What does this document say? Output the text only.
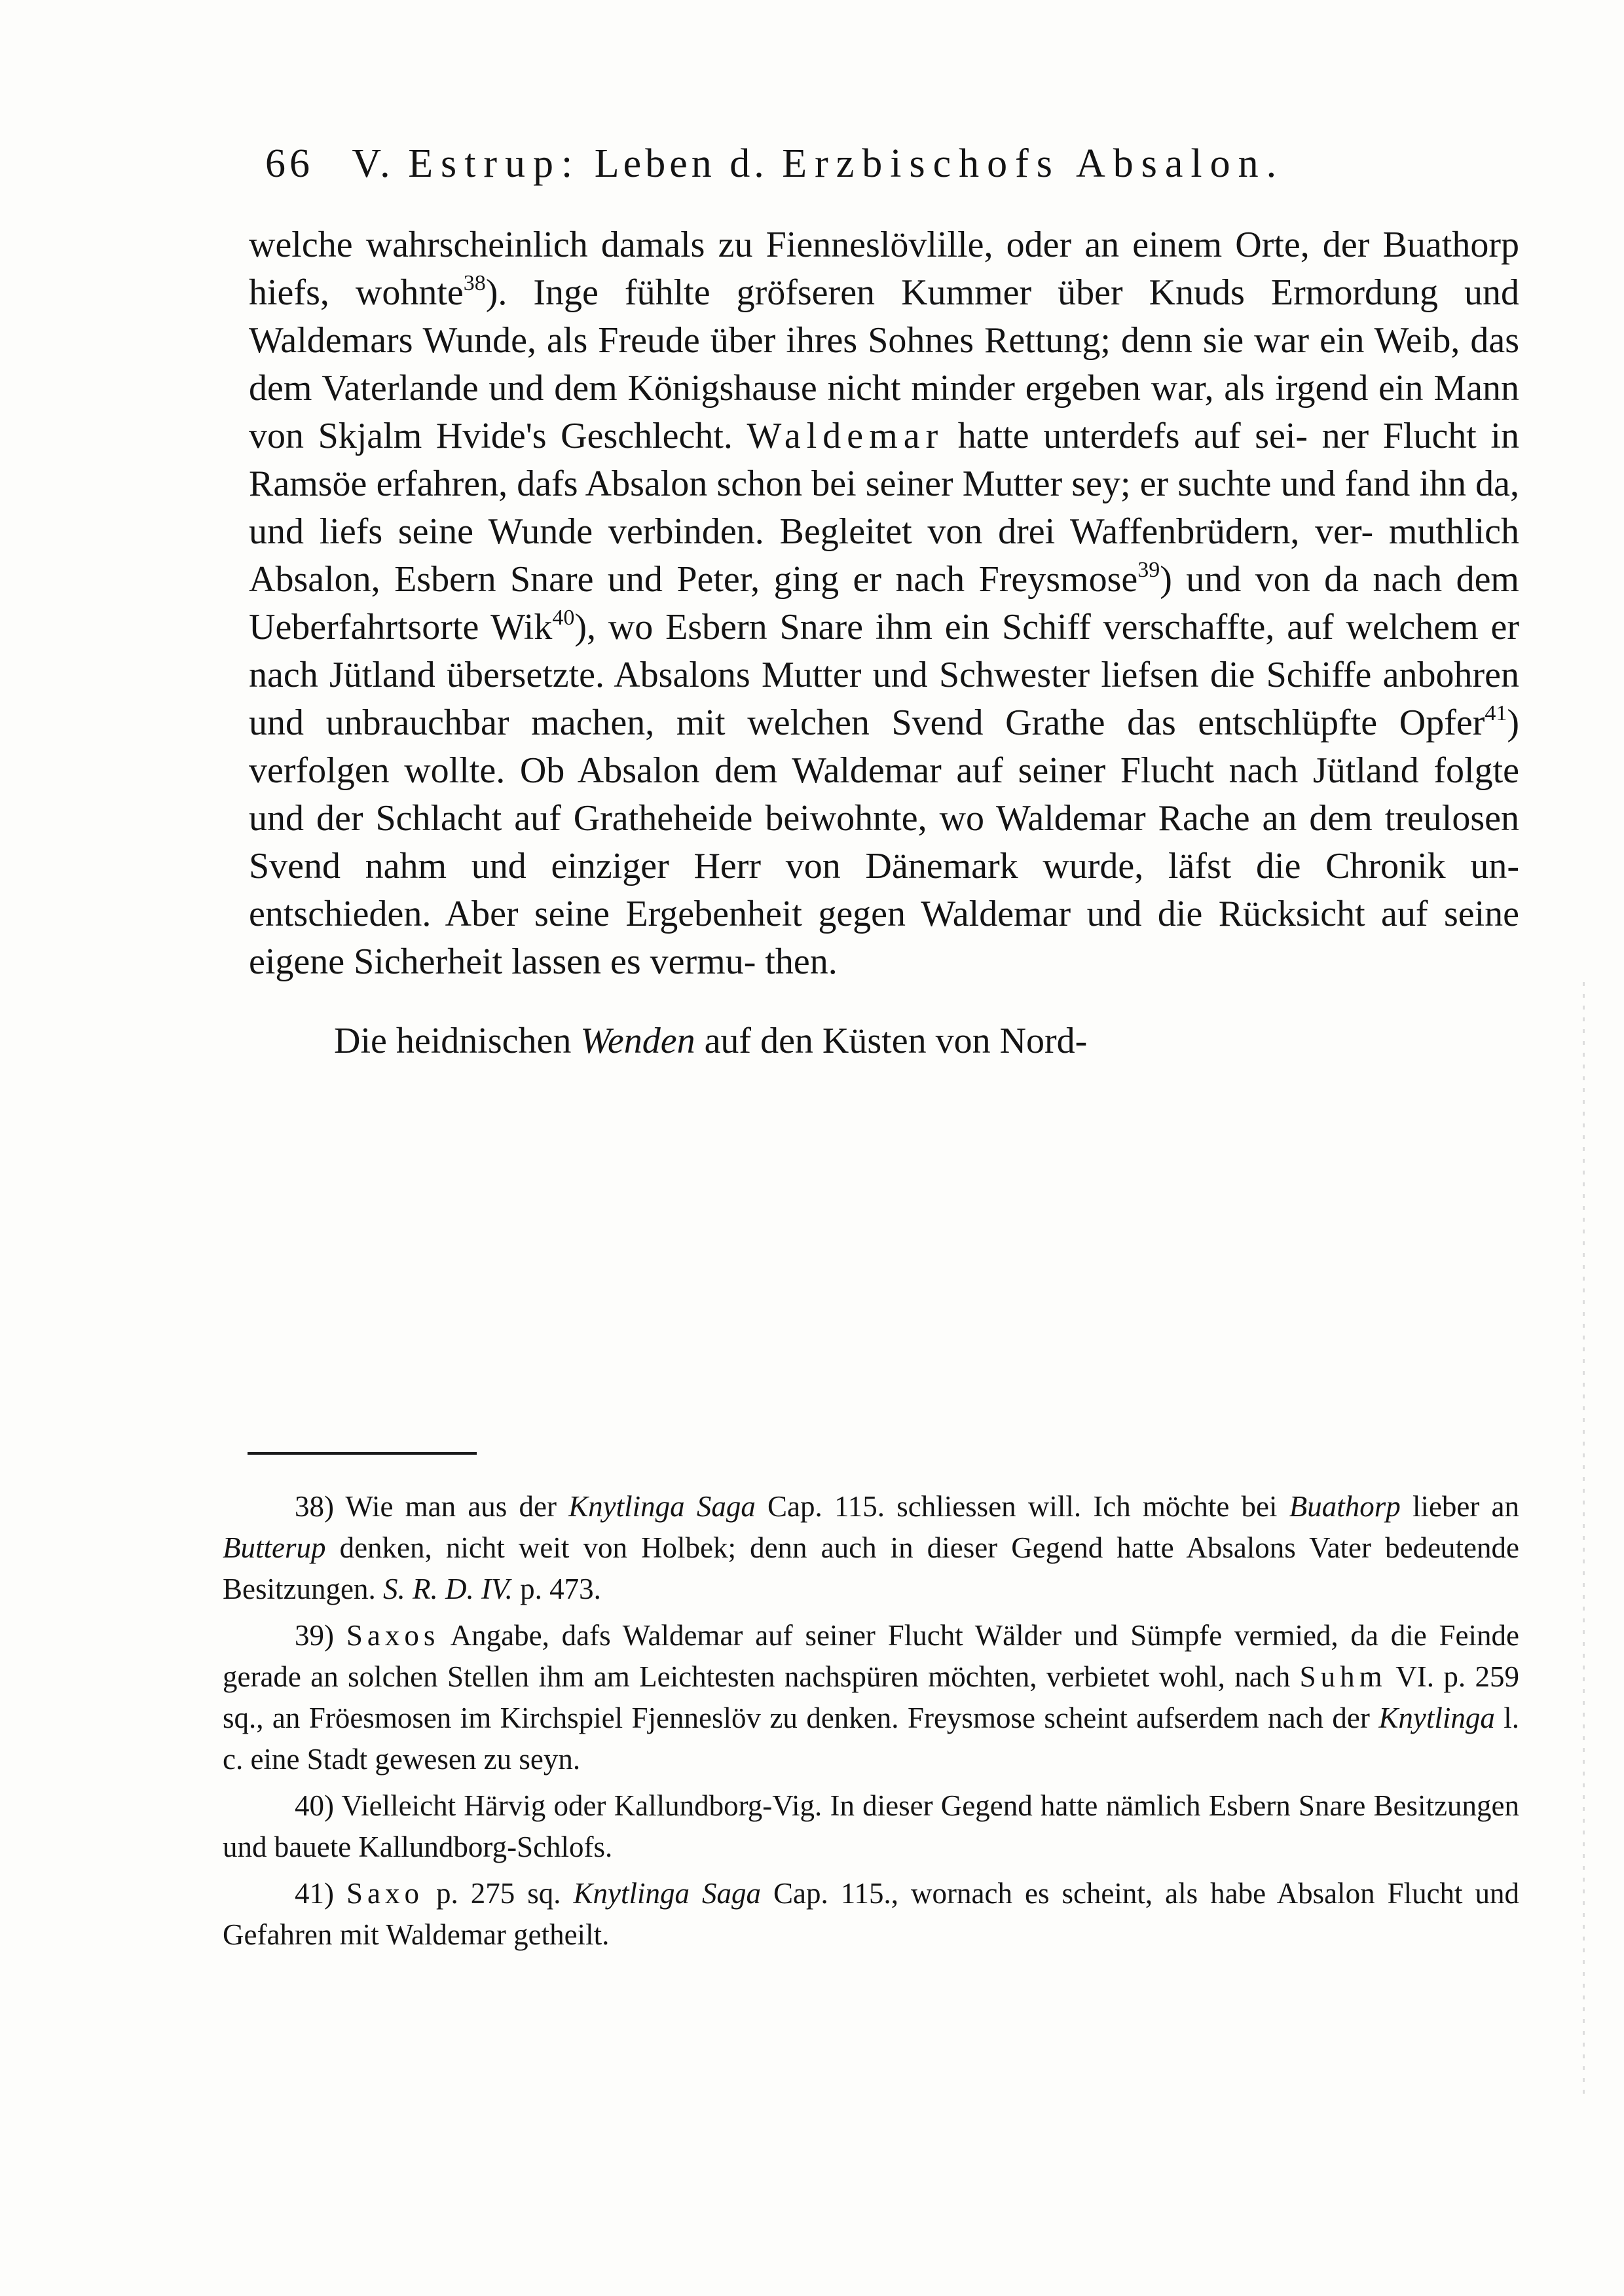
66 V. Estrup: Leben d. Erzbischofs Absalon.

welche wahrscheinlich damals zu Fienneslövlille, oder an einem Orte, der Buathorp hiefs, wohnte$^{38}$). Inge fühlte gröfseren Kummer über Knuds Ermordung und Waldemars Wunde, als Freude über ihres Sohnes Rettung; denn sie war ein Weib, das dem Vaterlande und dem Königshause nicht minder ergeben war, als irgend ein Mann von Skjalm Hvide's Geschlecht. Waldemar hatte unterdefs auf sei- ner Flucht in Ramsöe erfahren, dafs Absalon schon bei seiner Mutter sey; er suchte und fand ihn da, und liefs seine Wunde verbinden. Begleitet von drei Waffenbrüdern, ver- muthlich Absalon, Esbern Snare und Peter, ging er nach Freysmose$^{39}$) und von da nach dem Ueberfahrtsorte Wik$^{40}$), wo Esbern Snare ihm ein Schiff verschaffte, auf welchem er nach Jütland übersetzte. Absalons Mutter und Schwester liefsen die Schiffe anbohren und unbrauchbar machen, mit welchen Svend Grathe das entschlüpfte Opfer$^{41}$) verfolgen wollte. Ob Absalon dem Waldemar auf seiner Flucht nach Jütland folgte und der Schlacht auf Gratheheide beiwohnte, wo Waldemar Rache an dem treulosen Svend nahm und einziger Herr von Dänemark wurde, läfst die Chronik un- entschieden. Aber seine Ergebenheit gegen Waldemar und die Rücksicht auf seine eigene Sicherheit lassen es vermu- then.

Die heidnischen Wenden auf den Küsten von Nord-

38) Wie man aus der Knytlinga Saga Cap. 115. schliessen will. Ich möchte bei Buathorp lieber an Butterup denken, nicht weit von Holbek; denn auch in dieser Gegend hatte Absalons Vater bedeutende Besitzungen. S. R. D. IV. p. 473.

39) Saxos Angabe, dafs Waldemar auf seiner Flucht Wälder und Sümpfe vermied, da die Feinde gerade an solchen Stellen ihm am Leichtesten nachspüren möchten, verbietet wohl, nach Suhm VI. p. 259 sq., an Fröesmosen im Kirchspiel Fjenneslöv zu denken. Freysmose scheint aufserdem nach der Knytlinga l. c. eine Stadt gewesen zu seyn.

40) Vielleicht Härvig oder Kallundborg-Vig. In dieser Gegend hatte nämlich Esbern Snare Besitzungen und bauete Kallundborg-Schlofs.

41) Saxo p. 275 sq. Knytlinga Saga Cap. 115., wornach es scheint, als habe Absalon Flucht und Gefahren mit Waldemar getheilt.
